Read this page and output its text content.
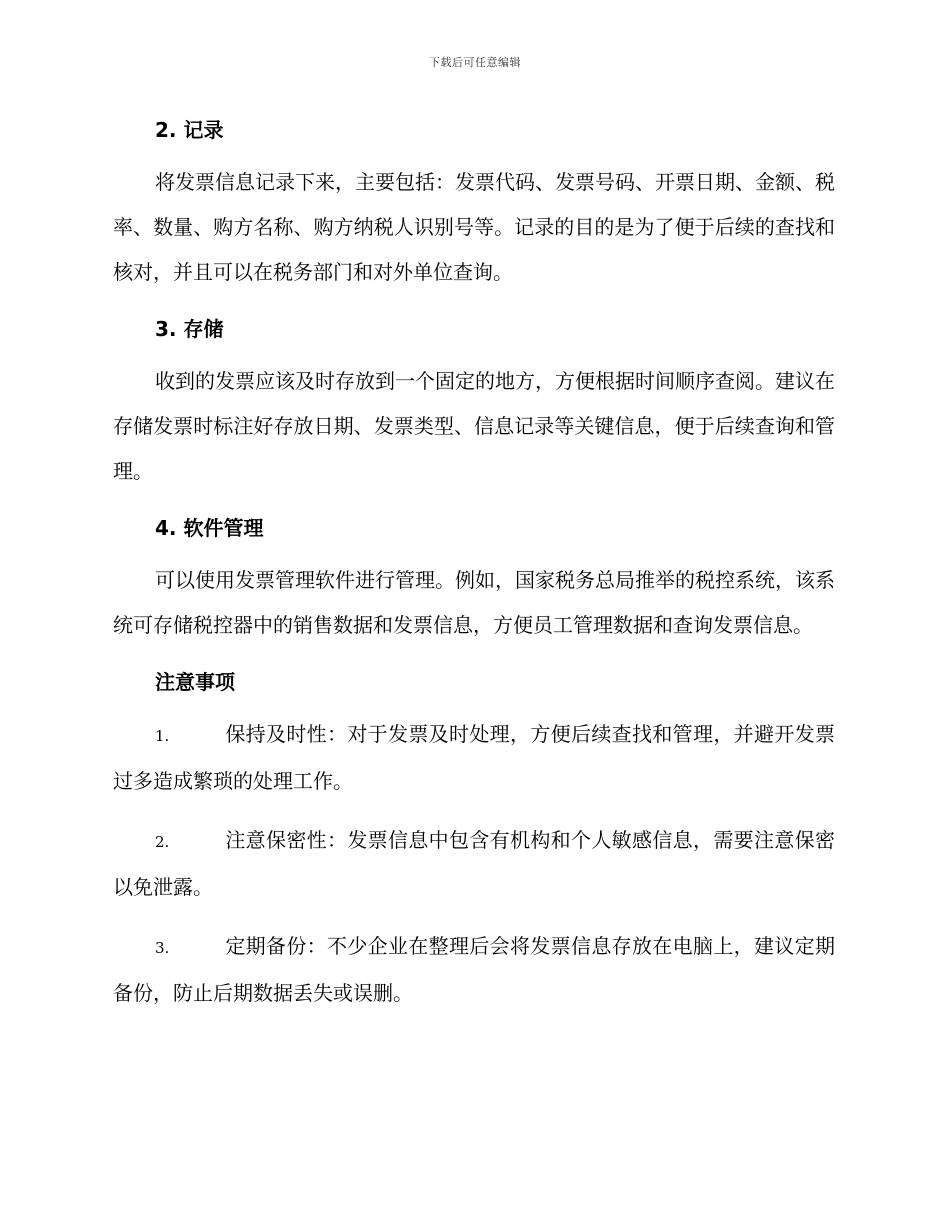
下载后可任意编辑
2. 记录

将发票信息记录下来，主要包括：发票代码、发票号码、开票日期、金额、税率、数量、购方名称、购方纳税人识别号等。记录的目的是为了便于后续的查找和核对，并且可以在税务部门和对外单位查询。

3. 存储

收到的发票应该及时存放到一个固定的地方，方便根据时间顺序查阅。建议在存储发票时标注好存放日期、发票类型、信息记录等关键信息，便于后续查询和管理。

4. 软件管理

可以使用发票管理软件进行管理。例如，国家税务总局推举的税控系统，该系统可存储税控器中的销售数据和发票信息，方便员工管理数据和查询发票信息。

注意事项

1.	保持及时性：对于发票及时处理，方便后续查找和管理，并避开发票过多造成繁琐的处理工作。

2.	注意保密性：发票信息中包含有机构和个人敏感信息，需要注意保密以免泄露。

3.	定期备份：不少企业在整理后会将发票信息存放在电脑上，建议定期备份，防止后期数据丢失或误删。
